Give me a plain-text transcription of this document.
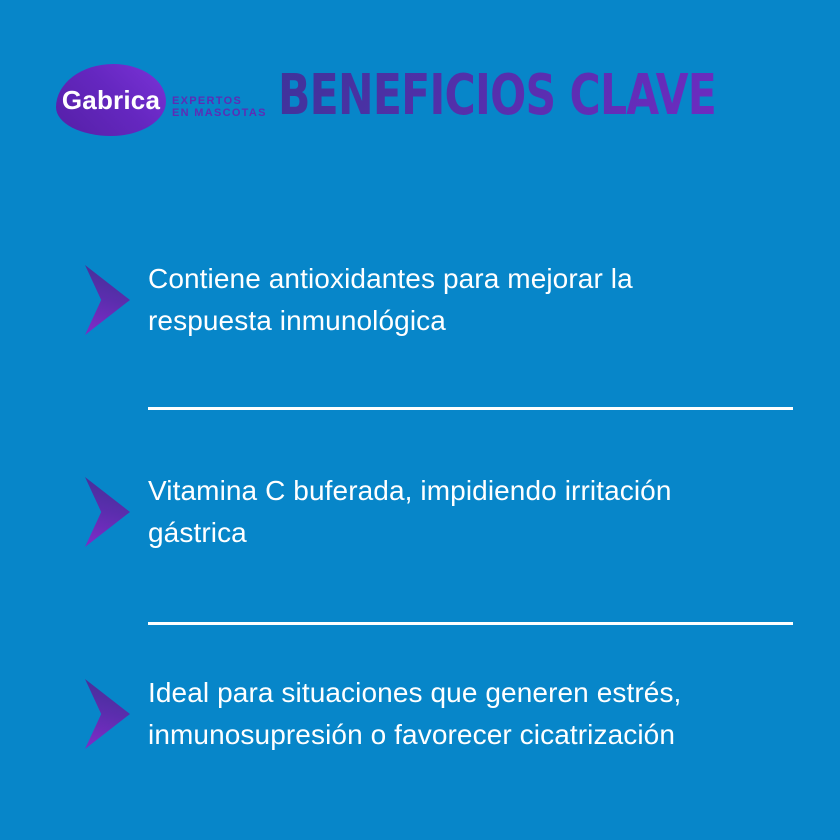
Gabrica EXPERTOS
EN MASCOTAS BENEFICIOS CLAVE
Contiene antioxidantes para mejorar la
respuesta inmunológica
Vitamina C buferada, impidiendo irritación
gástrica
Ideal para situaciones que generen estrés,
inmunosupresión o favorecer cicatrización
